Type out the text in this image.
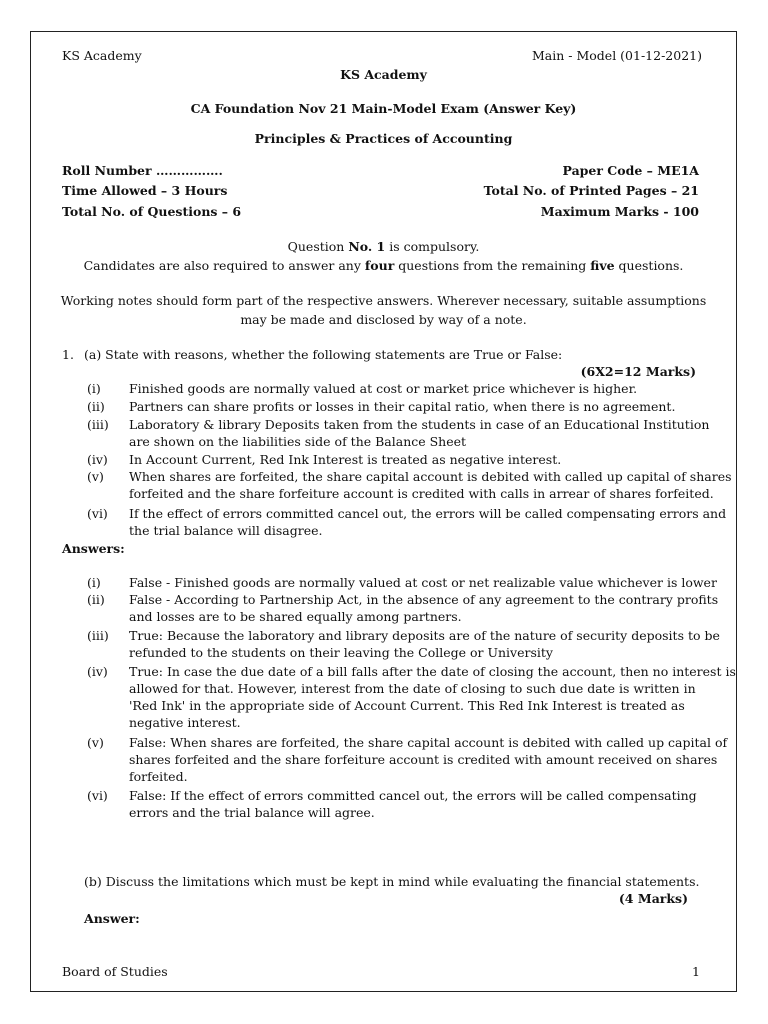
KS Academy	Main - Model (01-12-2021)
KS Academy
CA Foundation Nov 21 Main-Model Exam (Answer Key)
Principles & Practices of Accounting
Roll Number …………….	Paper Code – ME1A
Time Allowed – 3 Hours	Total No. of Printed Pages – 21
Total No. of Questions – 6	Maximum Marks - 100
Question No. 1 is compulsory.
Candidates are also required to answer any four questions from the remaining five questions.
Working notes should form part of the respective answers. Wherever necessary, suitable assumptions
may be made and disclosed by way of a note.
1. (a) State with reasons, whether the following statements are True or False:
(6X2=12 Marks)
(i) Finished goods are normally valued at cost or market price whichever is higher.
(ii) Partners can share profits or losses in their capital ratio, when there is no agreement.
(iii) Laboratory & library Deposits taken from the students in case of an Educational Institution
are shown on the liabilities side of the Balance Sheet
(iv) In Account Current, Red Ink Interest is treated as negative interest.
(v) When shares are forfeited, the share capital account is debited with called up capital of shares
forfeited and the share forfeiture account is credited with calls in arrear of shares forfeited.
(vi) If the effect of errors committed cancel out, the errors will be called compensating errors and
the trial balance will disagree.
Answers:
(i) False - Finished goods are normally valued at cost or net realizable value whichever is lower
(ii) False - According to Partnership Act, in the absence of any agreement to the contrary profits
and losses are to be shared equally among partners.
(iii) True: Because the laboratory and library deposits are of the nature of security deposits to be
refunded to the students on their leaving the College or University
(iv) True: In case the due date of a bill falls after the date of closing the account, then no interest is
allowed for that. However, interest from the date of closing to such due date is written in
'Red Ink' in the appropriate side of Account Current. This Red Ink Interest is treated as
negative interest.
(v) False: When shares are forfeited, the share capital account is debited with called up capital of
shares forfeited and the share forfeiture account is credited with amount received on shares
forfeited.
(vi) False: If the effect of errors committed cancel out, the errors will be called compensating
errors and the trial balance will agree.
(b) Discuss the limitations which must be kept in mind while evaluating the financial statements.
(4 Marks)
Answer:
Board of Studies	1
